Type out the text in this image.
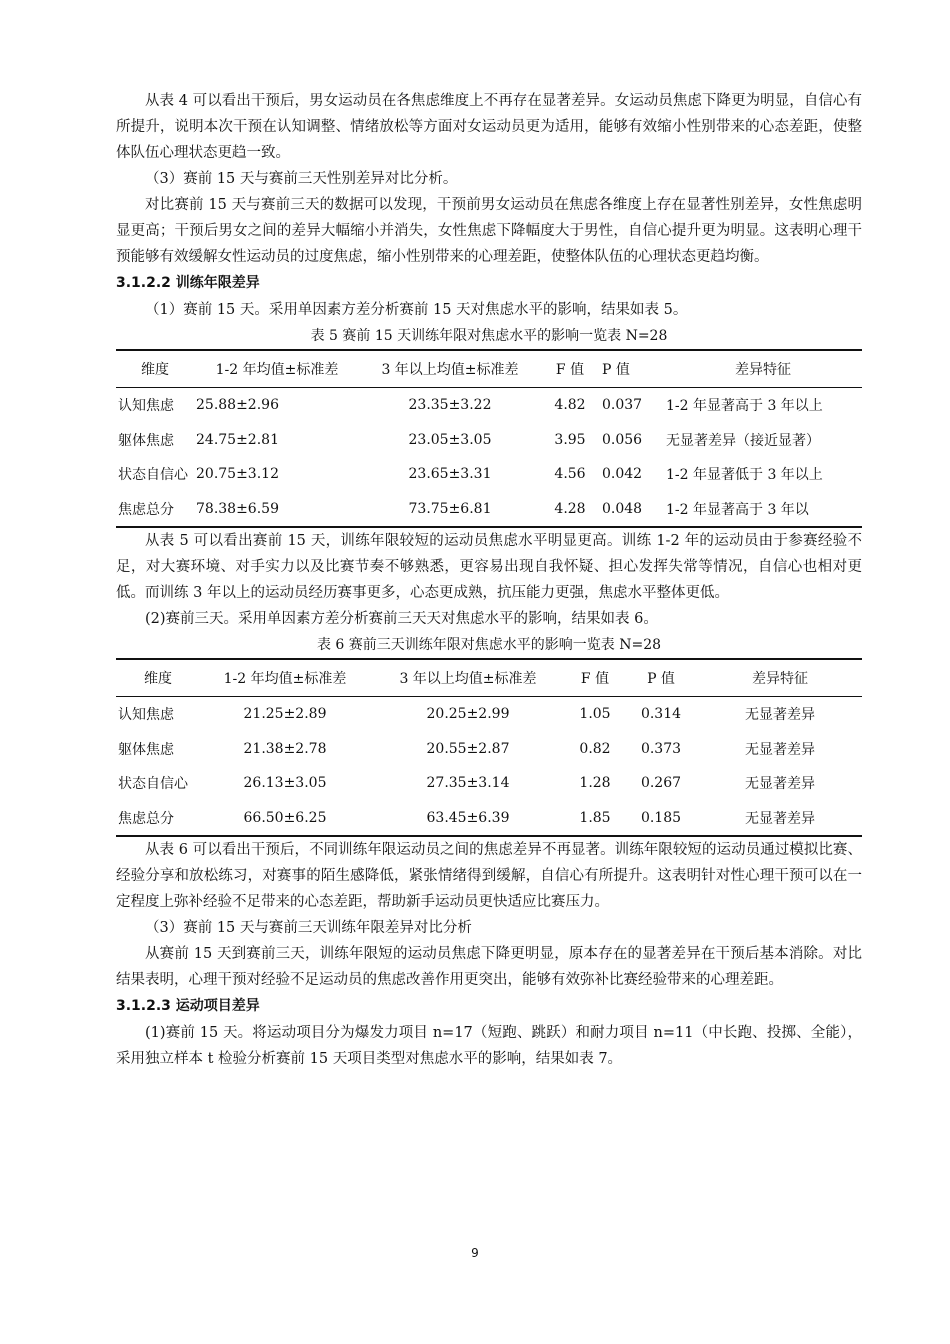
从表 4 可以看出干预后，男女运动员在各焦虑维度上不再存在显著差异。女运动员焦虑下降更为明显，自信心有所提升，说明本次干预在认知调整、情绪放松等方面对女运动员更为适用，能够有效缩小性别带来的心态差距，使整体队伍心理状态更趋一致。

（3）赛前 15 天与赛前三天性别差异对比分析。

对比赛前 15 天与赛前三天的数据可以发现，干预前男女运动员在焦虑各维度上存在显著性别差异，女性焦虑明显更高；干预后男女之间的差异大幅缩小并消失，女性焦虑下降幅度大于男性，自信心提升更为明显。这表明心理干预能够有效缓解女性运动员的过度焦虑，缩小性别带来的心理差距，使整体队伍的心理状态更趋均衡。

3.1.2.2 训练年限差异

（1）赛前 15 天。采用单因素方差分析赛前 15 天对焦虑水平的影响，结果如表 5。

表 5 赛前 15 天训练年限对焦虑水平的影响一览表 N=28

维度	1-2 年均值±标准差	3 年以上均值±标准差	F 值	P 值	差异特征
认知焦虑	25.88±2.96	23.35±3.22	4.82	0.037	1-2 年显著高于 3 年以上
躯体焦虑	24.75±2.81	23.05±3.05	3.95	0.056	无显著差异（接近显著）
状态自信心	20.75±3.12	23.65±3.31	4.56	0.042	1-2 年显著低于 3 年以上
焦虑总分	78.38±6.59	73.75±6.81	4.28	0.048	1-2 年显著高于 3 年以

从表 5 可以看出赛前 15 天，训练年限较短的运动员焦虑水平明显更高。训练 1-2 年的运动员由于参赛经验不足，对大赛环境、对手实力以及比赛节奏不够熟悉，更容易出现自我怀疑、担心发挥失常等情况，自信心也相对更低。而训练 3 年以上的运动员经历赛事更多，心态更成熟，抗压能力更强，焦虑水平整体更低。

(2)赛前三天。采用单因素方差分析赛前三天天对焦虑水平的影响，结果如表 6。

表 6 赛前三天训练年限对焦虑水平的影响一览表 N=28

维度	1-2 年均值±标准差	3 年以上均值±标准差	F 值	P 值	差异特征
认知焦虑	21.25±2.89	20.25±2.99	1.05	0.314	无显著差异
躯体焦虑	21.38±2.78	20.55±2.87	0.82	0.373	无显著差异
状态自信心	26.13±3.05	27.35±3.14	1.28	0.267	无显著差异
焦虑总分	66.50±6.25	63.45±6.39	1.85	0.185	无显著差异

从表 6 可以看出干预后，不同训练年限运动员之间的焦虑差异不再显著。训练年限较短的运动员通过模拟比赛、经验分享和放松练习，对赛事的陌生感降低，紧张情绪得到缓解，自信心有所提升。这表明针对性心理干预可以在一定程度上弥补经验不足带来的心态差距，帮助新手运动员更快适应比赛压力。

（3）赛前 15 天与赛前三天训练年限差异对比分析

从赛前 15 天到赛前三天，训练年限短的运动员焦虑下降更明显，原本存在的显著差异在干预后基本消除。对比结果表明，心理干预对经验不足运动员的焦虑改善作用更突出，能够有效弥补比赛经验带来的心理差距。

3.1.2.3 运动项目差异

(1)赛前 15 天。将运动项目分为爆发力项目 n=17（短跑、跳跃）和耐力项目 n=11（中长跑、投掷、全能），采用独立样本 t 检验分析赛前 15 天项目类型对焦虑水平的影响，结果如表 7。

9
